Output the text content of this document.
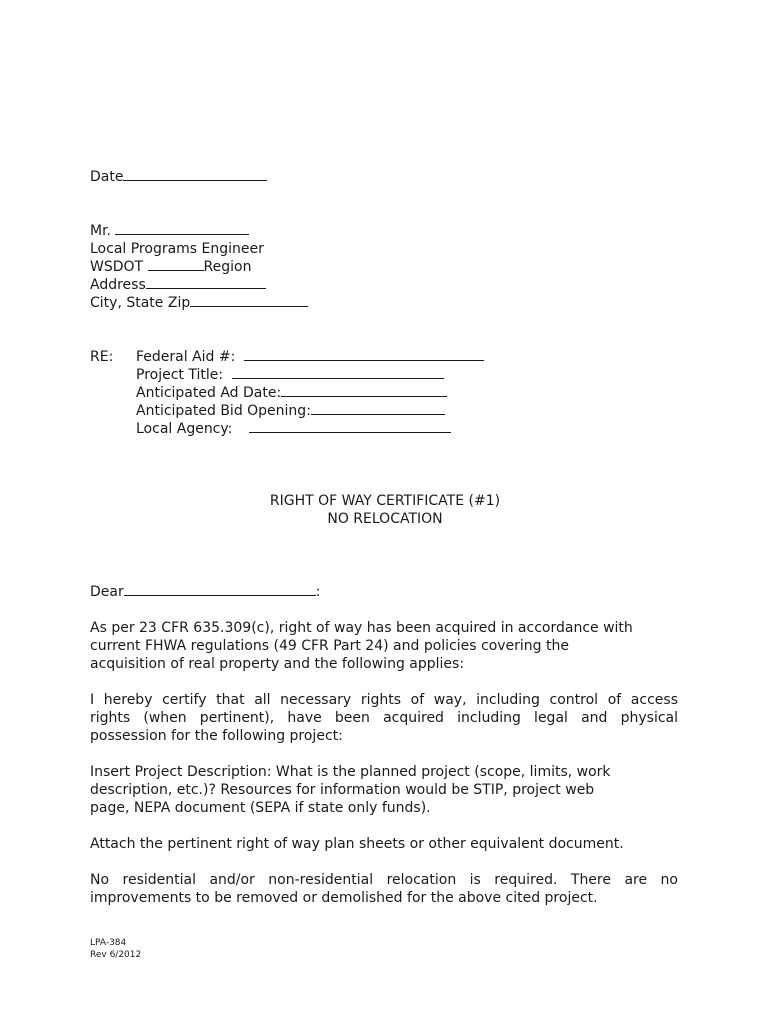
Date
Mr.
Local Programs Engineer
WSDOT	Region
Address
City, State Zip
RE: Federal Aid #:
Project Title:
Anticipated Ad Date:
Anticipated Bid Opening:
Local Agency:
RIGHT OF WAY CERTIFICATE (#1)
NO RELOCATION
Dear	:
As per 23 CFR 635.309(c), right of way has been acquired in accordance with
current FHWA regulations (49 CFR Part 24) and policies covering the
acquisition of real property and the following applies:
I hereby certify that all necessary rights of way, including control of access
rights (when pertinent), have been acquired including legal and physical
possession for the following project:
Insert Project Description: What is the planned project (scope, limits, work
description, etc.)? Resources for information would be STIP, project web
page, NEPA document (SEPA if state only funds).
Attach the pertinent right of way plan sheets or other equivalent document.
No residential and/or non-residential relocation is required. There are no
improvements to be removed or demolished for the above cited project.
LPA-384
Rev 6/2012
